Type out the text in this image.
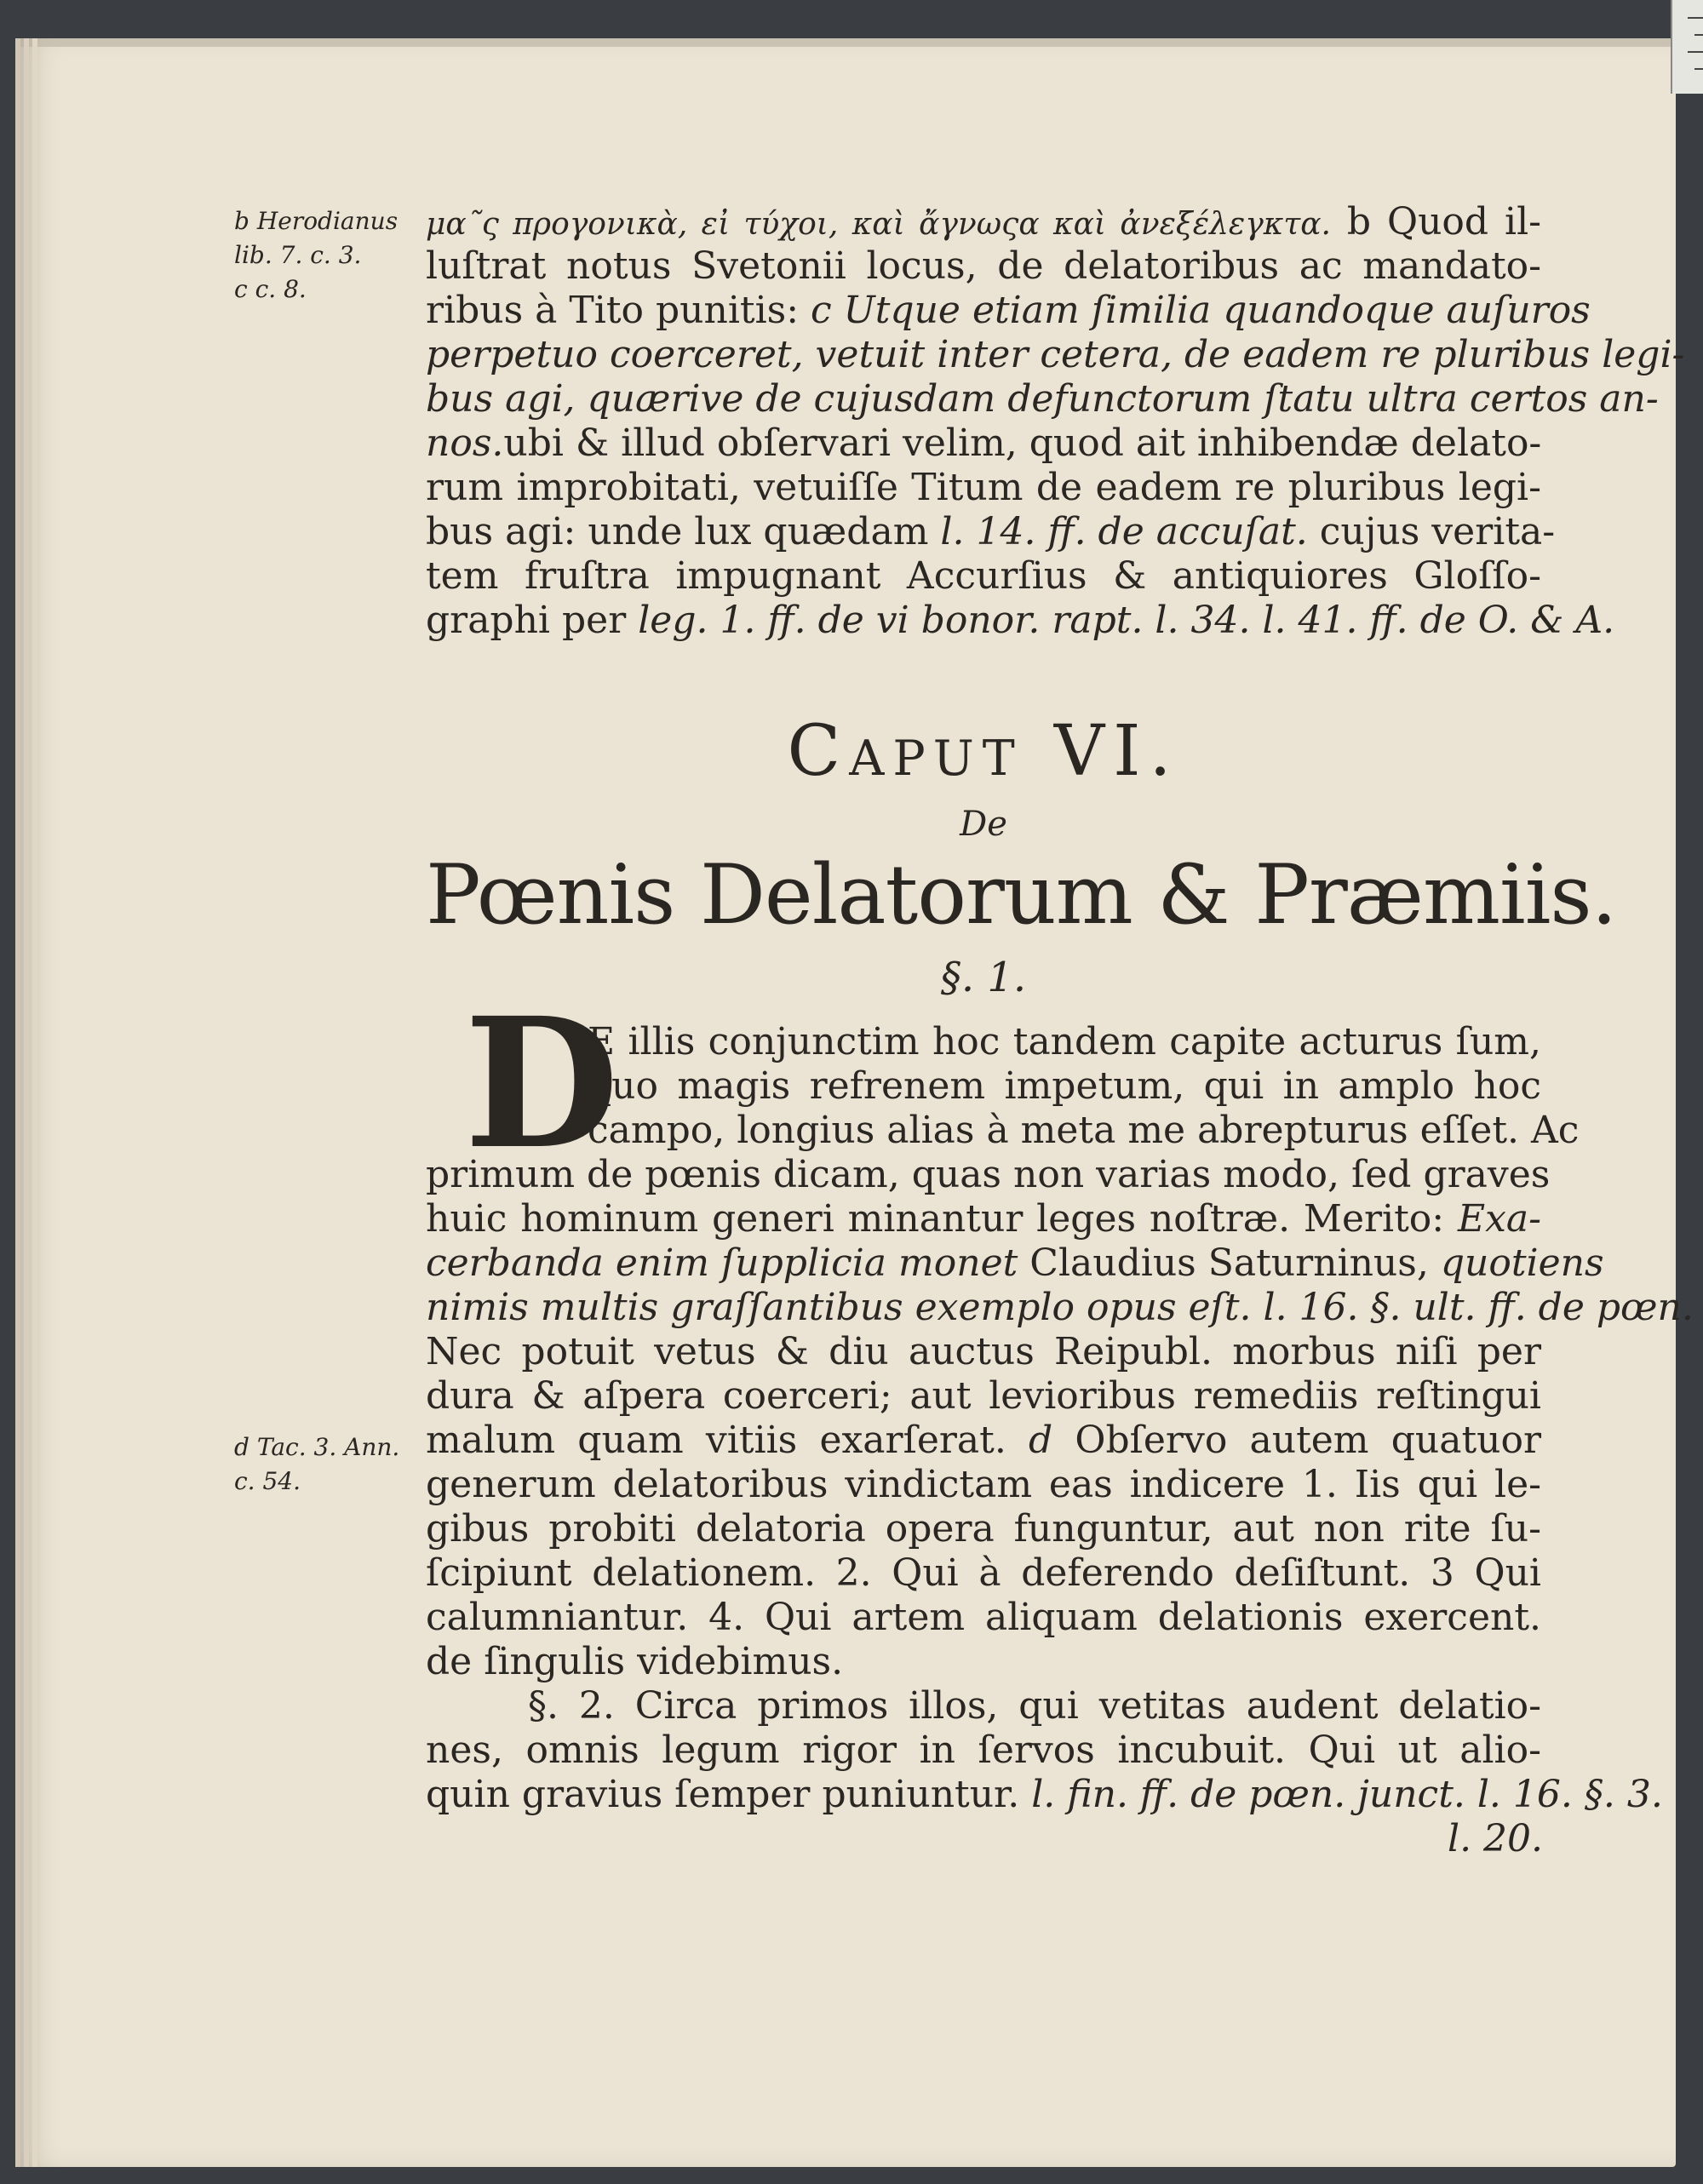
b Herodianus
lib. 7. c. 3.
c c. 8.
μα῀ς προγονικὰ, εἰ τύχοι, καὶ ἄγνωςα καὶ ἀνεξέλεγκτα. b Quod il-
luſtrat notus Svetonii locus, de delatoribus ac mandato-
ribus à Tito punitis: c Utque etiam ſimilia quandoque auſuros
perpetuo coerceret, vetuit inter cetera, de eadem re pluribus legi-
bus agi, quærive de cujusdam defunctorum ſtatu ultra certos an-
nos.ubi & illud obſervari velim, quod ait inhibendæ delato-
rum improbitati, vetuiſſe Titum de eadem re pluribus legi-
bus agi: unde lux quædam l. 14. ff. de accuſat. cujus verita-
tem fruſtra impugnant Accurſius & antiquiores Gloſſo-
graphi per leg. 1. ff. de vi bonor. rapt. l. 34. l. 41. ff. de O. & A.
Caput VI.
De
Pœnis Delatorum & Præmiis.
§. 1.
D
E illis conjunctim hoc tandem capite acturus ſum,
quo magis refrenem impetum, qui in amplo hoc
campo, longius alias à meta me abrepturus eſſet. Ac
primum de pœnis dicam, quas non varias modo, ſed graves
huic hominum generi minantur leges noſtræ. Merito: Exa-
cerbanda enim ſupplicia monet Claudius Saturninus, quotiens
nimis multis graſſantibus exemplo opus eſt. l. 16. §. ult. ff. de pœn.
Nec potuit vetus & diu auctus Reipubl. morbus niſi per
dura & aſpera coerceri; aut levioribus remediis reſtingui
malum quam vitiis exarſerat. d Obſervo autem quatuor
generum delatoribus vindictam eas indicere 1. Iis qui le-
gibus probiti delatoria opera funguntur, aut non rite ſu-
ſcipiunt delationem. 2. Qui à deferendo deſiſtunt. 3 Qui
calumniantur. 4. Qui artem aliquam delationis exercent.
de ſingulis videbimus.
d Tac. 3. Ann.
c. 54.
§. 2. Circa primos illos, qui vetitas audent delatio-
nes, omnis legum rigor in ſervos incubuit. Qui ut alio-
quin gravius ſemper puniuntur. l. fin. ff. de pœn. junct. l. 16. §. 3.
l. 20.
